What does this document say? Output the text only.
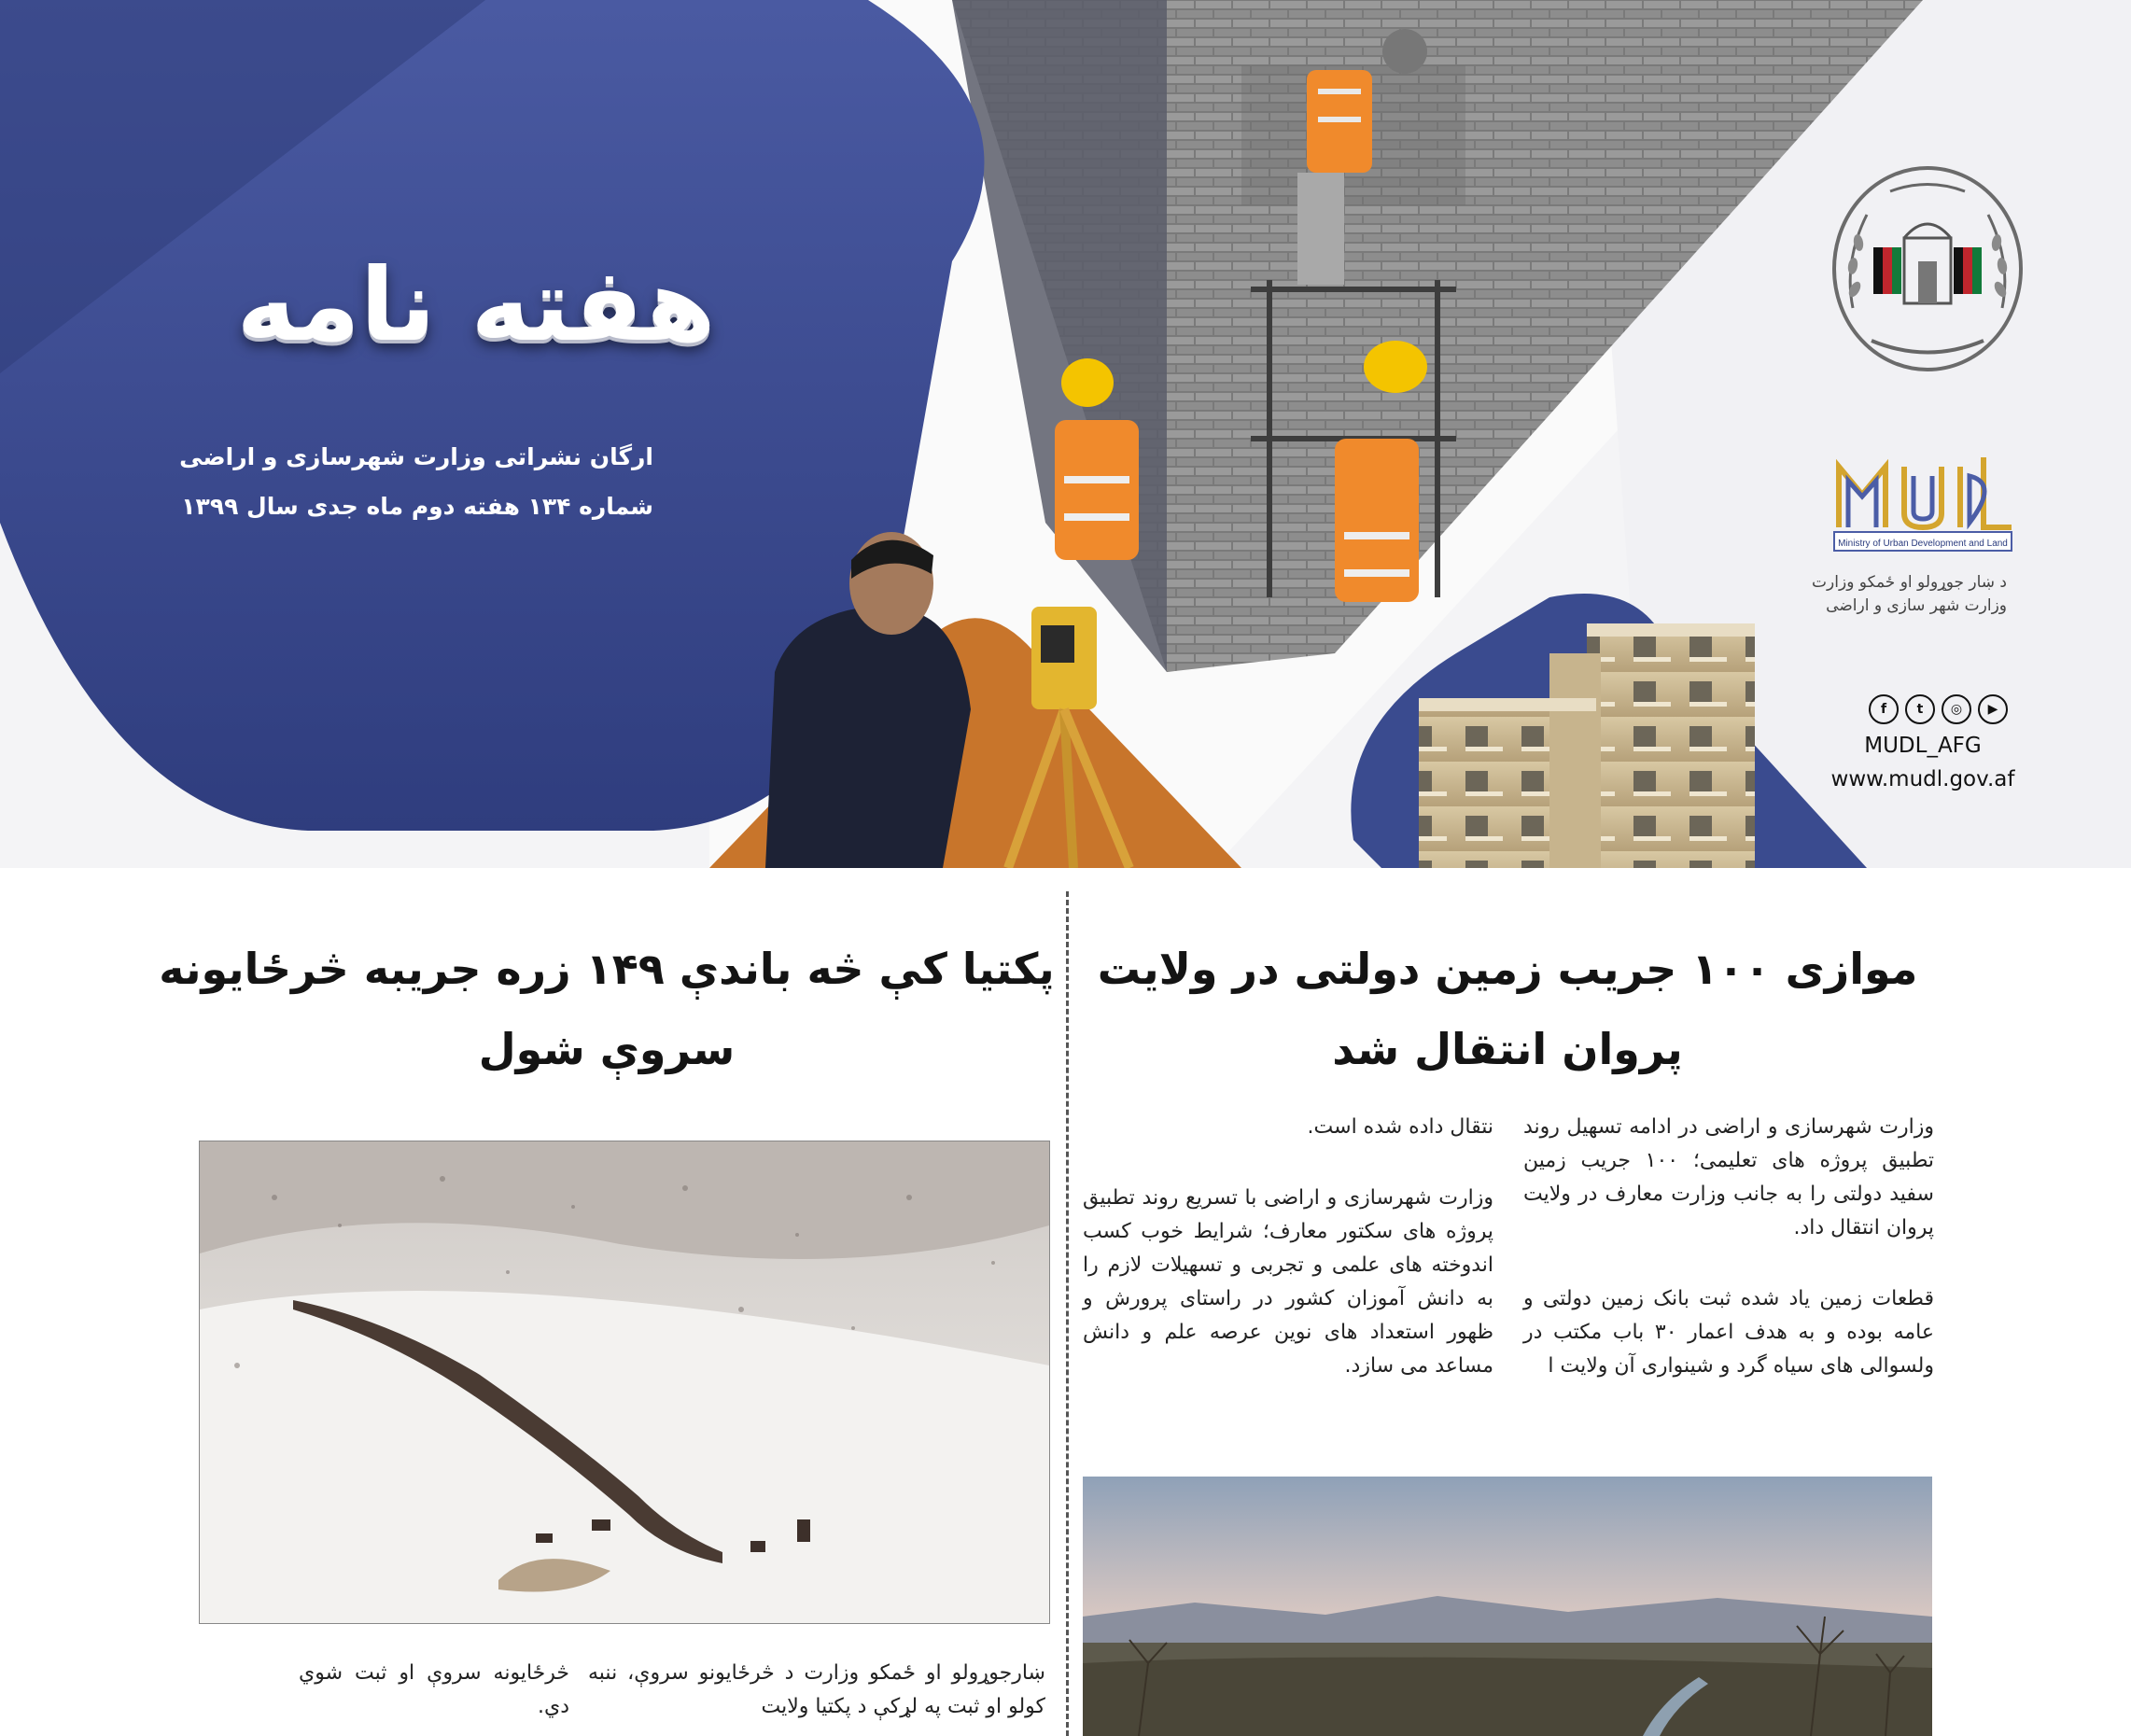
هفته نامه
ارگان نشراتی وزارت شهرسازی و اراضی
شماره ۱۳۴ هفته دوم ماه جدی سال ۱۳۹۹
Ministry of Urban Development and Land
د ښار جوړولو او ځمکو وزارت
وزارت شهر سازی و اراضی
f	t	◎	▶
MUDL_AFG
www.mudl.gov.af
پکتیا کې څه باندې ۱۴۹ زره جریبه څرځایونه سروې شول
ښارجوړولو او ځمکو وزارت د څرځایونو سروې، ننبه کولو او ثبت په لړکې د پکتیا ولایت
څرځایونه سروې او ثبت شوي دي.
موازی ۱۰۰ جریب زمین دولتی در ولایت پروان انتقال شد

وزارت شهرسازی و اراضی در ادامه تسهیل روند تطبیق پروژه های تعلیمی؛ ۱۰۰ جریب زمین سفید دولتی را به جانب وزارت معارف در ولایت پروان انتقال داد.

قطعات زمین یاد شده ثبت بانک زمین دولتی و عامه بوده و به هدف اعمار ۳۰ باب مکتب در ولسوالی های سیاه گرد و شینواری آن ولایت ا

نتقال داده شده است.

وزارت شهرسازی و اراضی با تسریع روند تطبیق پروژه های سکتور معارف؛ شرایط خوب کسب اندوخته های علمی و تجربی و تسهیلات لازم را به دانش آموزان کشور در راستای پرورش و ظهور استعداد های نوین عرصه علم و دانش مساعد می سازد.
